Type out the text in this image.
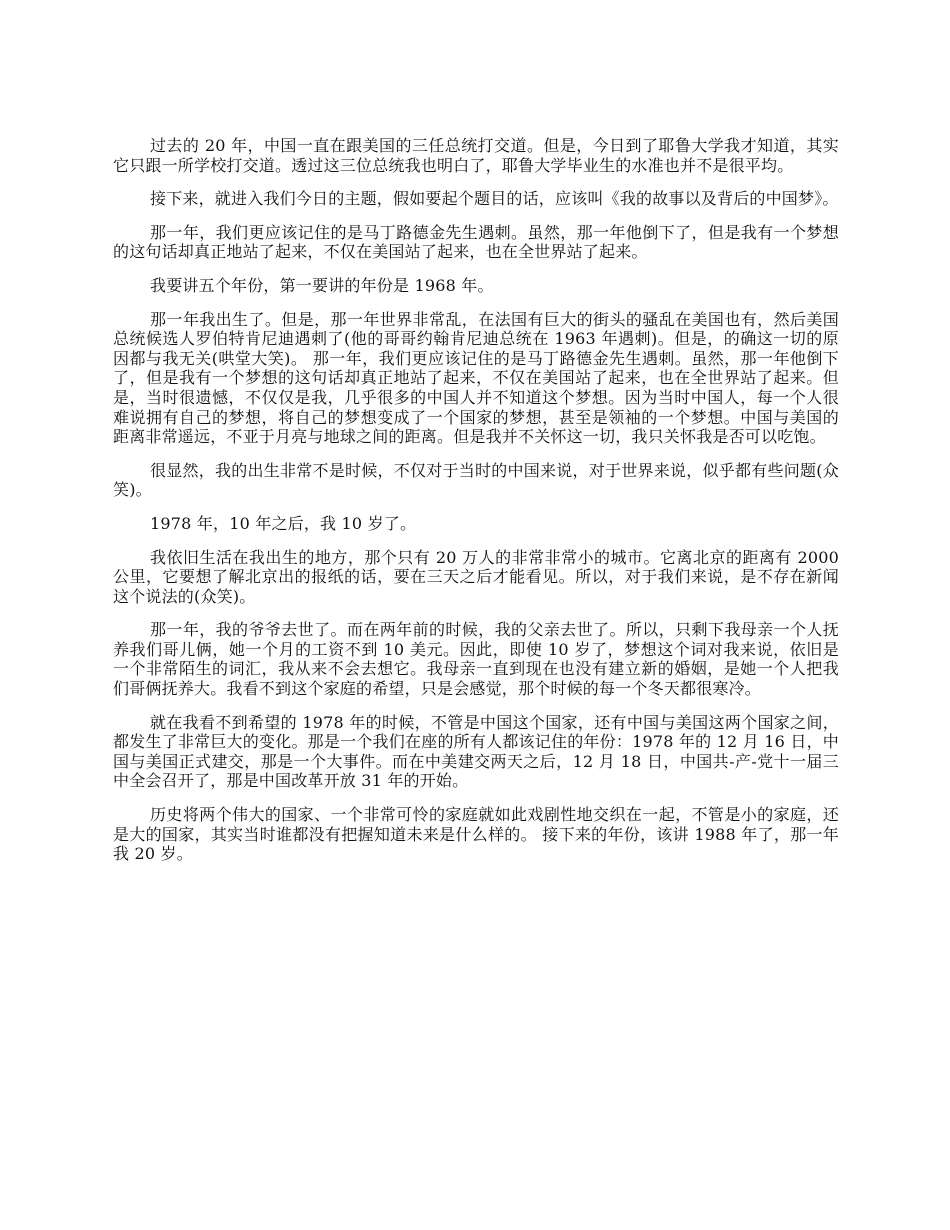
过去的 20 年，中国一直在跟美国的三任总统打交道。但是，今日到了耶鲁大学我才知道，其实它只跟一所学校打交道。透过这三位总统我也明白了，耶鲁大学毕业生的水准也并不是很平均。

接下来，就进入我们今日的主题，假如要起个题目的话，应该叫《我的故事以及背后的中国梦》。

那一年，我们更应该记住的是马丁路德金先生遇刺。虽然，那一年他倒下了，但是我有一个梦想的这句话却真正地站了起来，不仅在美国站了起来，也在全世界站了起来。

我要讲五个年份，第一要讲的年份是 1968 年。

那一年我出生了。但是，那一年世界非常乱，在法国有巨大的街头的骚乱在美国也有，然后美国总统候选人罗伯特肯尼迪遇刺了(他的哥哥约翰肯尼迪总统在 1963 年遇刺)。但是，的确这一切的原因都与我无关(哄堂大笑)。 那一年，我们更应该记住的是马丁路德金先生遇刺。虽然，那一年他倒下了，但是我有一个梦想的这句话却真正地站了起来，不仅在美国站了起来，也在全世界站了起来。但是，当时很遗憾，不仅仅是我，几乎很多的中国人并不知道这个梦想。因为当时中国人，每一个人很难说拥有自己的梦想，将自己的梦想变成了一个国家的梦想，甚至是领袖的一个梦想。中国与美国的距离非常遥远，不亚于月亮与地球之间的距离。但是我并不关怀这一切，我只关怀我是否可以吃饱。

很显然，我的出生非常不是时候，不仅对于当时的中国来说，对于世界来说，似乎都有些问题(众笑)。

1978 年，10 年之后，我 10 岁了。

我依旧生活在我出生的地方，那个只有 20 万人的非常非常小的城市。它离北京的距离有 2000 公里，它要想了解北京出的报纸的话，要在三天之后才能看见。所以，对于我们来说，是不存在新闻这个说法的(众笑)。

那一年，我的爷爷去世了。而在两年前的时候，我的父亲去世了。所以，只剩下我母亲一个人抚养我们哥儿俩，她一个月的工资不到 10 美元。因此，即使 10 岁了，梦想这个词对我来说，依旧是一个非常陌生的词汇，我从来不会去想它。我母亲一直到现在也没有建立新的婚姻，是她一个人把我们哥俩抚养大。我看不到这个家庭的希望，只是会感觉，那个时候的每一个冬天都很寒冷。

就在我看不到希望的 1978 年的时候，不管是中国这个国家，还有中国与美国这两个国家之间，都发生了非常巨大的变化。那是一个我们在座的所有人都该记住的年份：1978 年的 12 月 16 日，中国与美国正式建交，那是一个大事件。而在中美建交两天之后，12 月 18 日，中国共-产-党十一届三中全会召开了，那是中国改革开放 31 年的开始。

历史将两个伟大的国家、一个非常可怜的家庭就如此戏剧性地交织在一起，不管是小的家庭，还是大的国家，其实当时谁都没有把握知道未来是什么样的。 接下来的年份，该讲 1988 年了，那一年我 20 岁。
